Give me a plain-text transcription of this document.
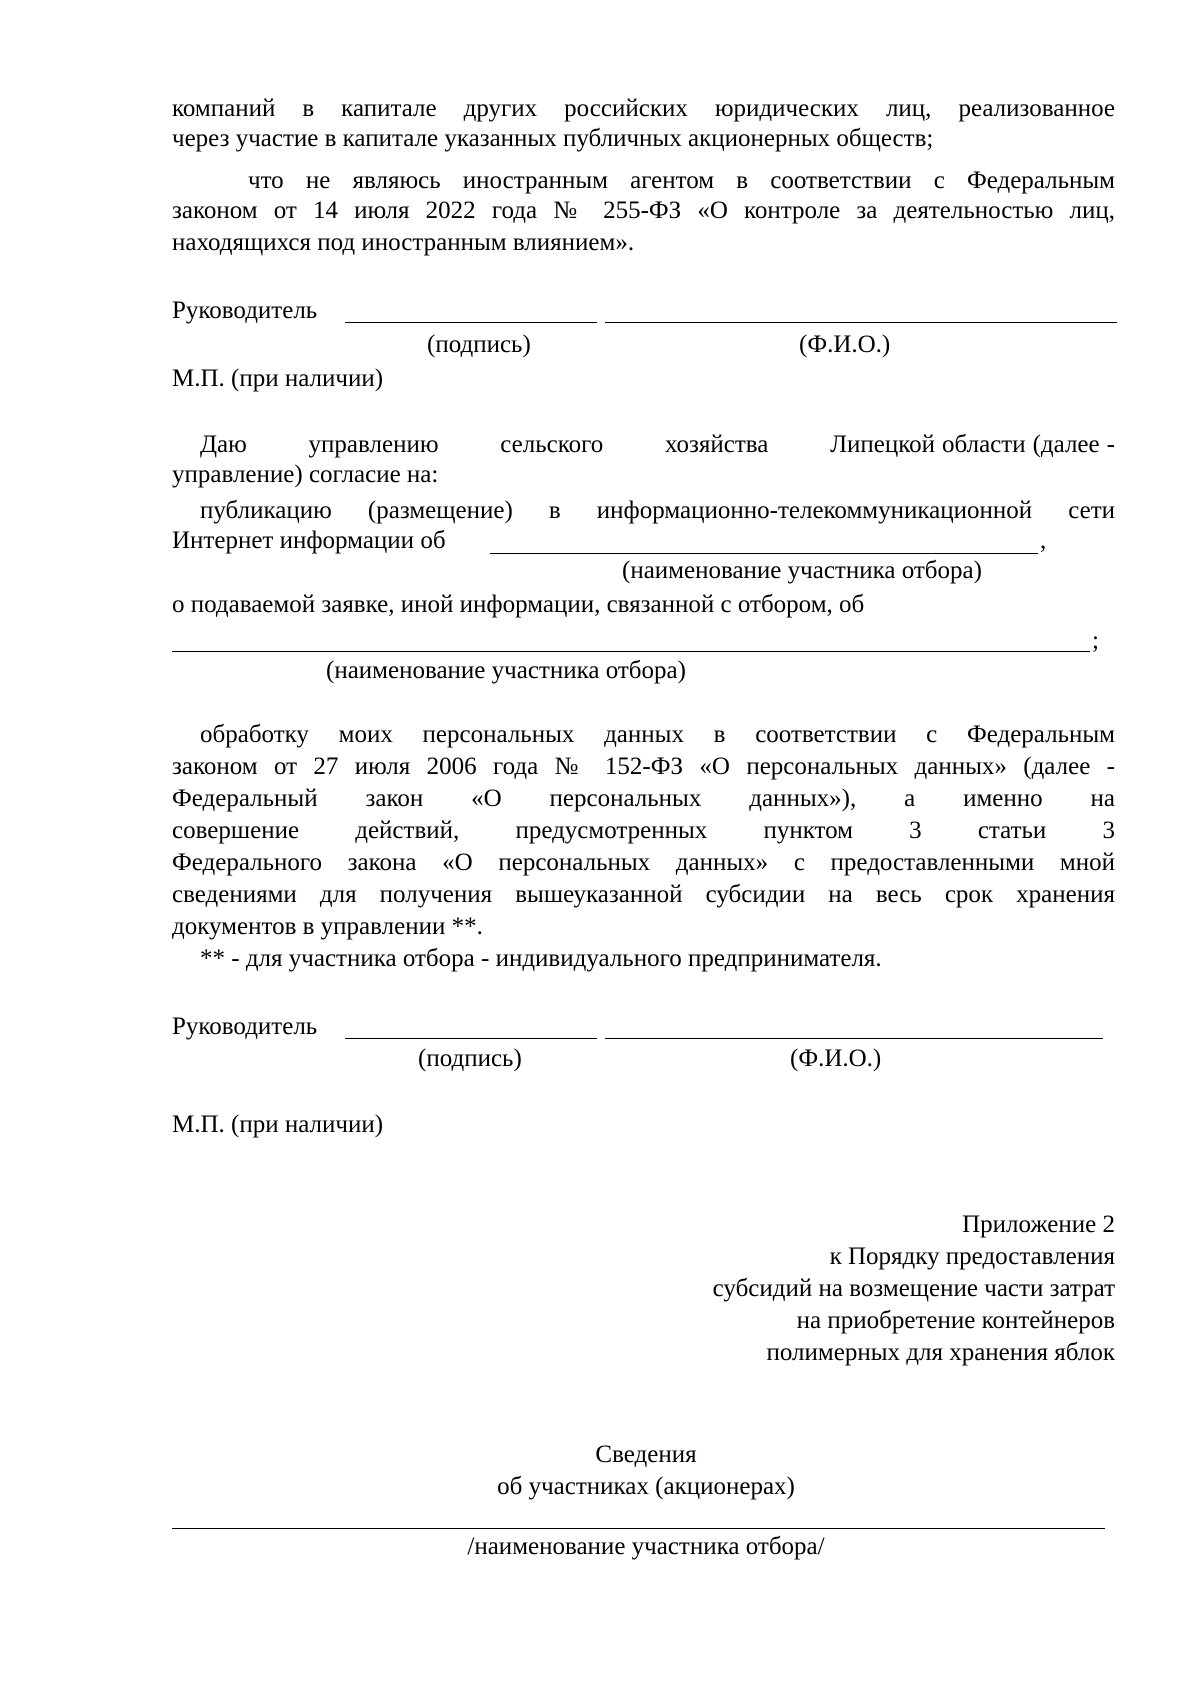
компаний в капитале других российских юридических лиц, реализованное
через участие в капитале указанных публичных акционерных обществ;
что не являюсь иностранным агентом в соответствии с Федеральным
законом от 14 июля 2022 года № 255-ФЗ «О контроле за деятельностью лиц,
находящихся под иностранным влиянием».
Руководитель
(подпись)	(Ф.И.О.)
М.П. (при наличии)
Даю управлению сельского хозяйства Липецкой области (далее -
управление) согласие на:
публикацию (размещение) в информационно-телекоммуникационной сети
Интернет информации об	,
(наименование участника отбора)
о подаваемой заявке, иной информации, связанной с отбором, об
;
(наименование участника отбора)
обработку моих персональных данных в соответствии с Федеральным
законом от 27 июля 2006 года № 152-ФЗ «О персональных данных» (далее -
Федеральный закон «О персональных данных»), а именно на
совершение действий, предусмотренных пунктом 3 статьи 3
Федерального закона «О персональных данных» с предоставленными мной
сведениями для получения вышеуказанной субсидии на весь срок хранения
документов в управлении **.
** - для участника отбора - индивидуального предпринимателя.
Руководитель
(подпись)	(Ф.И.О.)
М.П. (при наличии)
Приложение 2
к Порядку предоставления
субсидий на возмещение части затрат
на приобретение контейнеров
полимерных для хранения яблок
Сведения
об участниках (акционерах)
/наименование участника отбора/
